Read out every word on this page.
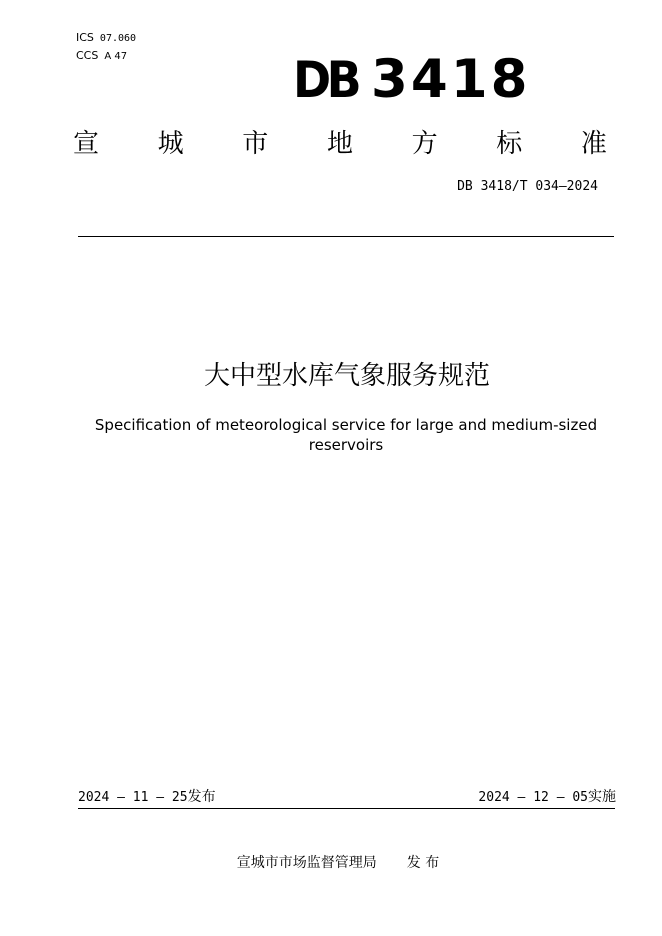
ICS 07.060
CCS A 47	DB 3418
宣	城	市	地	方	标	准
DB 3418/T 034—2024
大中型水库气象服务规范
Specification of meteorological service for large and medium-sized reservoirs
2024 – 11 – 25发布	2024 – 12 – 05实施
宣城市市场监督管理局 发 布
